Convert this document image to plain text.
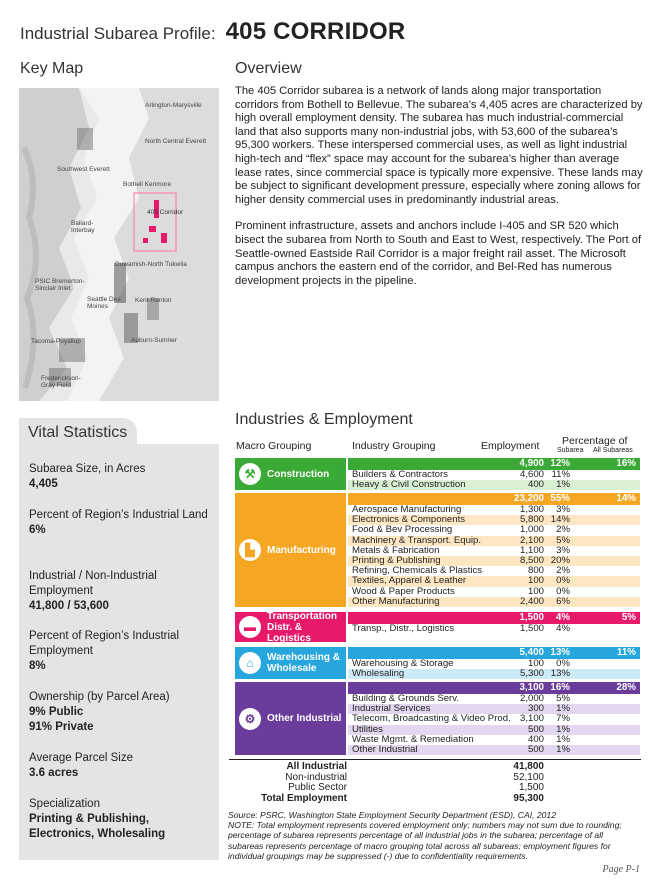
Industrial Subarea Profile: 405 CORRIDOR
Key Map
Arlington-Marysville
North Central Everett
Southwest Everett
Bothell Kenmore
405 Corridor
Ballard-Interbay
Duwamish-North Tukwila
PSIC Bremerton-Sinclair Inlet
Seattle Des Moines
Kent-Renton
Tacoma-Puyallup	Auburn-Sumner
Frederickson-Gray Field
Overview

The 405 Corridor subarea is a network of lands along major transportation corridors from Bothell to Bellevue. The subarea’s 4,405 acres are characterized by high overall employment density. The subarea has much industrial-commercial land that also supports many non-industrial jobs, with 53,600 of the subarea’s 95,300 workers. These interspersed commercial uses, as well as light industrial high-tech and “flex” space may account for the subarea’s higher than average lease rates, since commercial space is typically more expensive. These lands may be subject to significant development pressure, especially where zoning allows for higher density commercial uses in predominantly industrial areas.

Prominent infrastructure, assets and anchors include I-405 and SR 520 which bisect the subarea from North to South and East to West, respectively. The Port of Seattle-owned Eastside Rail Corridor is a major freight rail asset. The Microsoft campus anchors the eastern end of the corridor, and Bel-Red has numerous development projects in the pipeline.

Vital Statistics
Subarea Size, in Acres
4,405
Percent of Region’s Industrial Land
6%
Industrial / Non-Industrial Employment
41,800 / 53,600
Percent of Region’s Industrial Employment
8%
Ownership (by Parcel Area)
9% Public
91% Private
Average Parcel Size
3.6 acres
Specialization
Printing & Publishing,
Electronics, Wholesaling
Industries & Employment
Macro Grouping	Industry Grouping	Employment Percentage of
Subarea All Subareas
⚒	Construction
4,900 12%	16%
Builders & Contractors	4,600 11%
Heavy & Civil Construction	400 1%
▙	Manufacturing
23,200 55%	14%
Aerospace Manufacturing	1,300 3%
Electronics & Components	5,800 14%
Food & Bev Processing	1,000 2%
Machinery & Transport. Equip.	2,100 5%
Metals & Fabrication	1,100 3%
Printing & Publishing	8,500 20%
Refining, Chemicals & Plastics	800 2%
Textiles, Apparel & Leather	100 0%
Wood & Paper Products	100 0%
Other Manufacturing	2,400 6%
▬
Transportation Distr. & Logistics
1,500 4%	5%
Transp., Distr., Logistics	1,500 4%
⌂	Warehousing & Wholesale
5,400 13%	11%
Warehousing & Storage	100 0%
Wholesaling	5,300 13%
⚙	Other Industrial
3,100 16%	28%
Building & Grounds Serv.	2,000 5%
Industrial Services	300 1%
Telecom, Broadcasting & Video Prod. 3,100 7%
Utilities	500 1%
Waste Mgmt. & Remediation	400 1%
Other Industrial	500 1%
All Industrial	41,800
Non-industrial	52,100
Public Sector	1,500
Total Employment	95,300
Source: PSRC, Washington State Employment Security Department (ESD), CAI, 2012
NOTE: Total employment represents covered employment only; numbers may not sum due to rounding; percentage of subarea represents percentage of all industrial jobs in the subarea; percentage of all subareas represents percentage of macro grouping total across all subareas; employment figures for individual groupings may be suppressed (-) due to confidentiality requirements.
Page P-1
